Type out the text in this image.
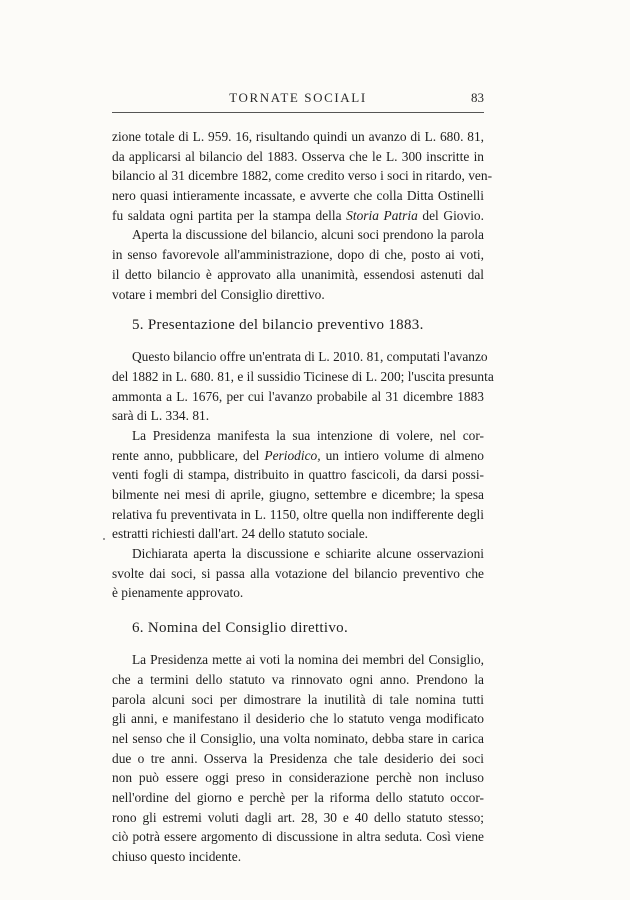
TORNATE SOCIALI	83
zione totale di L. 959. 16, risultando quindi un avanzo di L. 680. 81,
da applicarsi al bilancio del 1883. Osserva che le L. 300 inscritte in
bilancio al 31 dicembre 1882, come credito verso i soci in ritardo, ven-
nero quasi intieramente incassate, e avverte che colla Ditta Ostinelli
fu saldata ogni partita per la stampa della Storia Patria del Giovio.
Aperta la discussione del bilancio, alcuni soci prendono la parola
in senso favorevole all'amministrazione, dopo di che, posto ai voti,
il detto bilancio è approvato alla unanimità, essendosi astenuti dal
votare i membri del Consiglio direttivo.
5. Presentazione del bilancio preventivo 1883.
Questo bilancio offre un'entrata di L. 2010. 81, computati l'avanzo
del 1882 in L. 680. 81, e il sussidio Ticinese di L. 200; l'uscita presunta
ammonta a L. 1676, per cui l'avanzo probabile al 31 dicembre 1883
sarà di L. 334. 81.
La Presidenza manifesta la sua intenzione di volere, nel cor-
rente anno, pubblicare, del Periodico, un intiero volume di almeno
venti fogli di stampa, distribuito in quattro fascicoli, da darsi possi-
bilmente nei mesi di aprile, giugno, settembre e dicembre; la spesa
relativa fu preventivata in L. 1150, oltre quella non indifferente degli
estratti richiesti dall'art. 24 dello statuto sociale.
Dichiarata aperta la discussione e schiarite alcune osservazioni
svolte dai soci, si passa alla votazione del bilancio preventivo che
è pienamente approvato.
6. Nomina del Consiglio direttivo.
La Presidenza mette ai voti la nomina dei membri del Consiglio,
che a termini dello statuto va rinnovato ogni anno. Prendono la
parola alcuni soci per dimostrare la inutilità di tale nomina tutti
gli anni, e manifestano il desiderio che lo statuto venga modificato
nel senso che il Consiglio, una volta nominato, debba stare in carica
due o tre anni. Osserva la Presidenza che tale desiderio dei soci
non può essere oggi preso in considerazione perchè non incluso
nell'ordine del giorno e perchè per la riforma dello statuto occor-
rono gli estremi voluti dagli art. 28, 30 e 40 dello statuto stesso;
ciò potrà essere argomento di discussione in altra seduta. Così viene
chiuso questo incidente.
